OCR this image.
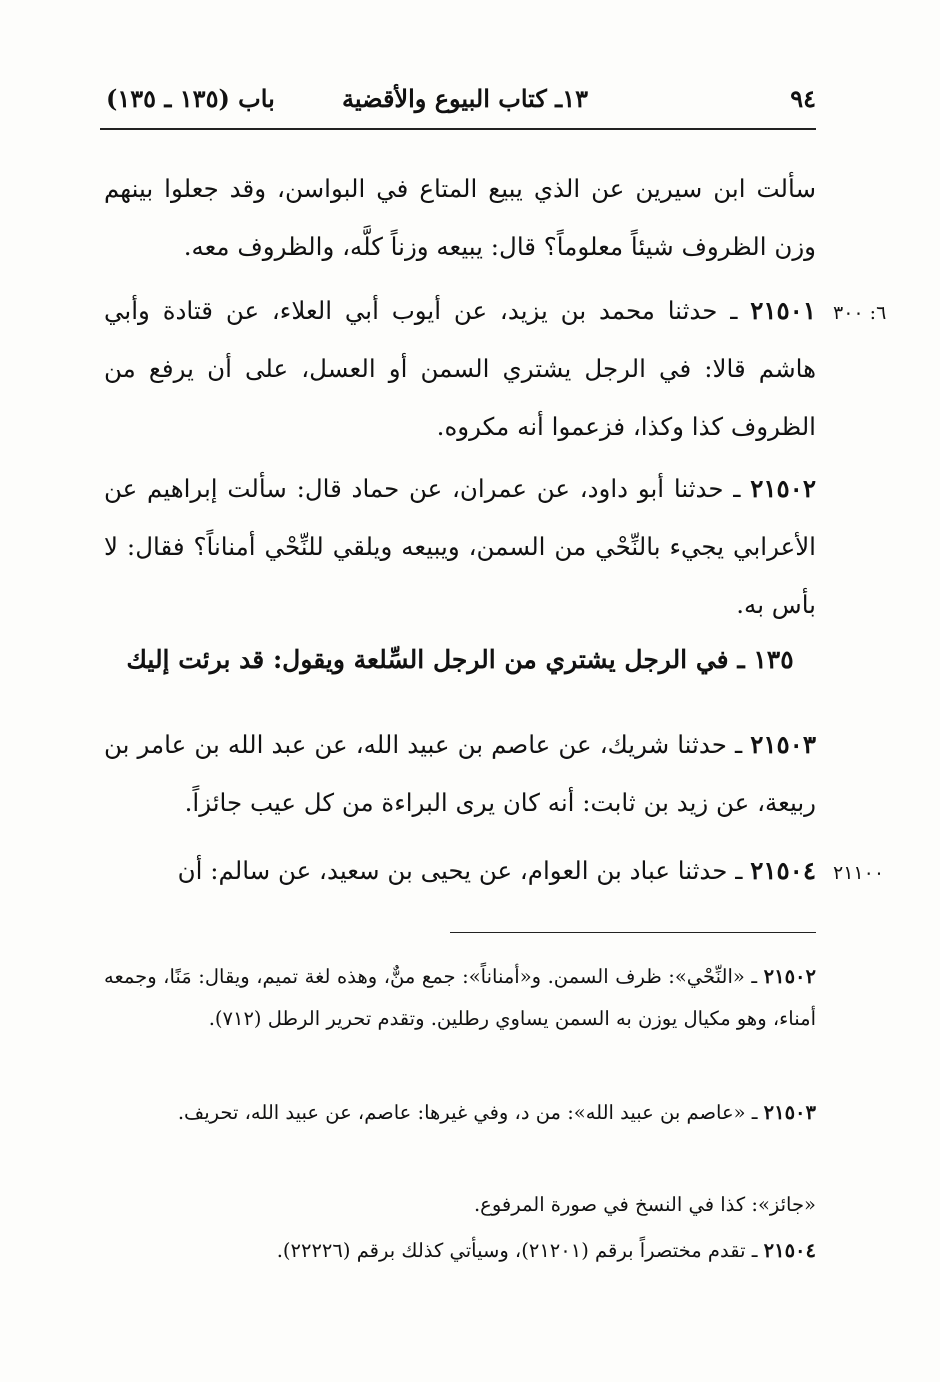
٩٤
١٣ـ كتاب البيوع والأقضية
باب (١٣٥ ـ ١٣٥)
سألت ابن سيرين عن الذي يبيع المتاع في البواسن، وقد جعلوا بينهم وزن الظروف شيئاً معلوماً؟ قال: يبيعه وزناً كلَّه، والظروف معه.
٦: ٣٠٠
٢١٥٠١ ـ حدثنا محمد بن يزيد، عن أيوب أبي العلاء، عن قتادة وأبي هاشم قالا: في الرجل يشتري السمن أو العسل، على أن يرفع من الظروف كذا وكذا، فزعموا أنه مكروه.
٢١٥٠٢ ـ حدثنا أبو داود، عن عمران، عن حماد قال: سألت إبراهيم عن الأعرابي يجيء بالنِّحْي من السمن، ويبيعه ويلقي للنِّحْي أمناناً؟ فقال: لا بأس به.
١٣٥ ـ في الرجل يشتري من الرجل السِّلعة ويقول: قد برئت إليك
٢١٥٠٣ ـ حدثنا شريك، عن عاصم بن عبيد الله، عن عبد الله بن عامر بن ربيعة، عن زيد بن ثابت: أنه كان يرى البراءة من كل عيب جائزاً.
٢١١٠٠
٢١٥٠٤ ـ حدثنا عباد بن العوام، عن يحيى بن سعيد، عن سالم: أن
٢١٥٠٢ ـ «النِّحْي»: ظرف السمن. و«أمناناً»: جمع منٌّ، وهذه لغة تميم، ويقال: مَنًا، وجمعه أمناء، وهو مكيال يوزن به السمن يساوي رطلين. وتقدم تحرير الرطل (٧١٢).
٢١٥٠٣ ـ «عاصم بن عبيد الله»: من د، وفي غيرها: عاصم، عن عبيد الله، تحريف.
«جائز»: كذا في النسخ في صورة المرفوع.
٢١٥٠٤ ـ تقدم مختصراً برقم (٢١٢٠١)، وسيأتي كذلك برقم (٢٢٢٢٦).
